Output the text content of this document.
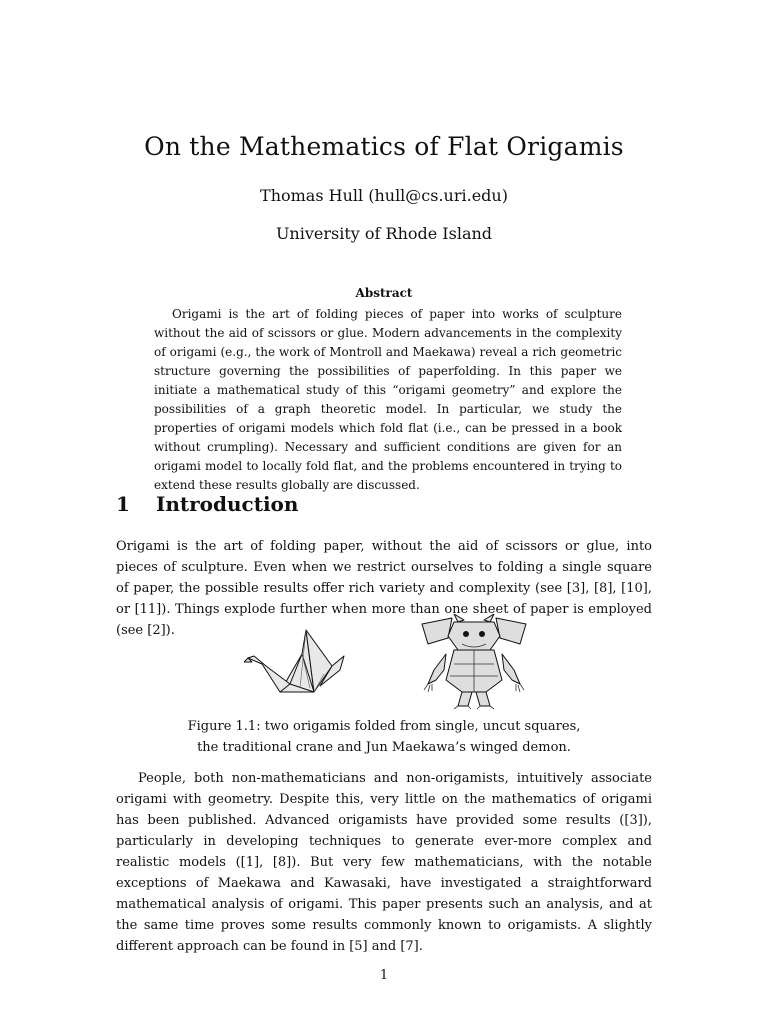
On the Mathematics of Flat Origamis
Thomas Hull (hull@cs.uri.edu)
University of Rhode Island
Abstract
Origami is the art of folding pieces of paper into works of sculpture without the aid of scissors or glue. Modern advancements in the complexity of origami (e.g., the work of Montroll and Maekawa) reveal a rich geometric structure governing the possibilities of paperfolding. In this paper we initiate a mathematical study of this “origami geometry” and explore the possibilities of a graph theoretic model. In particular, we study the properties of origami models which fold flat (i.e., can be pressed in a book without crumpling). Necessary and sufficient conditions are given for an origami model to locally fold flat, and the problems encountered in trying to extend these results globally are discussed.
1 Introduction
Origami is the art of folding paper, without the aid of scissors or glue, into pieces of sculpture. Even when we restrict ourselves to folding a single square of paper, the possible results offer rich variety and complexity (see [3], [8], [10], or [11]). Things explode further when more than one sheet of paper is employed (see [2]).
Figure 1.1: two origamis folded from single, uncut squares,
the traditional crane and Jun Maekawa’s winged demon.
People, both non-mathematicians and non-origamists, intuitively associate origami with geometry. Despite this, very little on the mathematics of origami has been published. Advanced origamists have provided some results ([3]), particularly in developing techniques to generate ever-more complex and realistic models ([1], [8]). But very few mathematicians, with the notable exceptions of Maekawa and Kawasaki, have investigated a straightforward mathematical analysis of origami. This paper presents such an analysis, and at the same time proves some results commonly known to origamists. A slightly different approach can be found in [5] and [7].
1
